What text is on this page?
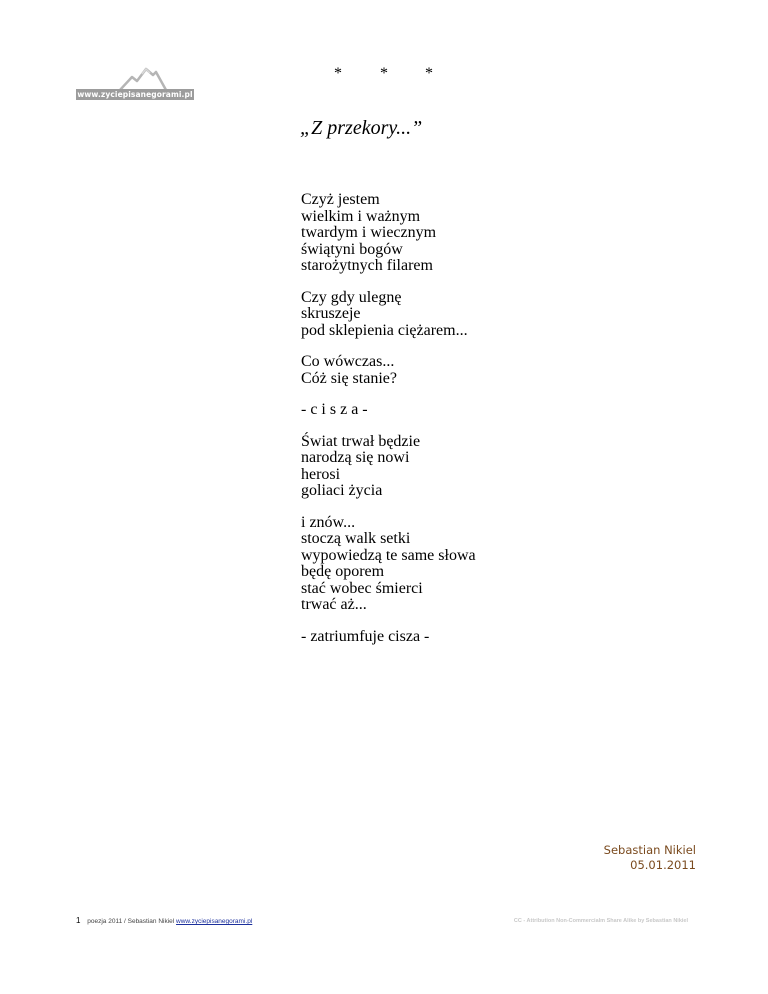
www.zyciepisanegorami.pl
* * *
„Z przekory...”
Czyż jestem
wielkim i ważnym
twardym i wiecznym
świątyni bogów
starożytnych filarem
Czy gdy ulegnę
skruszeje
pod sklepienia ciężarem...
Co wówczas...
Cóż się stanie?
- c i s z a -
Świat trwał będzie
narodzą się nowi
herosi
goliaci życia
i znów...
stoczą walk setki
wypowiedzą te same słowa
będę oporem
stać wobec śmierci
trwać aż...
- zatriumfuje cisza -
Sebastian Nikiel
05.01.2011
1 poezja 2011 / Sebastian Nikiel www.zyciepisanegorami.pl	CC - Attribution Non-Commercialm Share Alike by Sebastian Nikiel
